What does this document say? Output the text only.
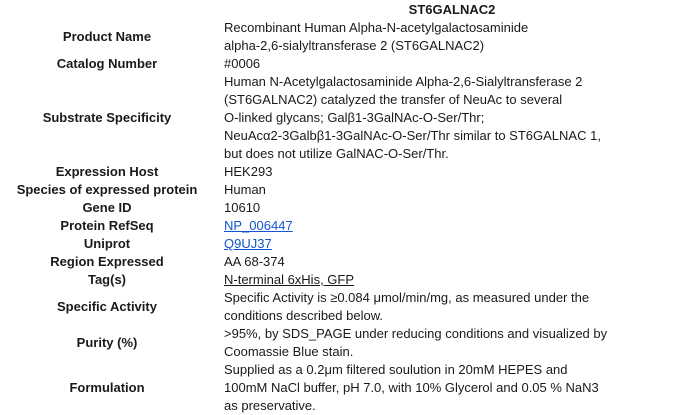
	ST6GALNAC2
Product Name	Recombinant Human Alpha-N-acetylgalactosaminide
alpha-2,6-sialyltransferase 2 (ST6GALNAC2)

Catalog Number	#0006
Substrate Specificity	Human N-Acetylgalactosaminide Alpha-2,6-Sialyltransferase 2
(ST6GALNAC2) catalyzed the transfer of NeuAc to several
O-linked glycans; Galβ1-3GalNAc-O-Ser/Thr;
NeuAcα2-3Galbβ1-3GalNAc-O-Ser/Thr similar to ST6GALNAC 1,
but does not utilize GalNAC-O-Ser/Thr.

Expression Host	HEK293
Species of expressed protein	Human
Gene ID	10610
Protein RefSeq	NP_006447
Uniprot	Q9UJ37
Region Expressed	AA 68-374
Tag(s)	N-terminal 6xHis, GFP
Specific Activity	Specific Activity is ≥0.084 μmol/min/mg, as measured under the
conditions described below.

Purity (%)	>95%, by SDS_PAGE under reducing conditions and visualized by
Coomassie Blue stain.

Formulation	Supplied as a 0.2μm filtered soulution in 20mM HEPES and
100mM NaCl buffer, pH 7.0, with 10% Glycerol and 0.05 % NaN3
as preservative.
